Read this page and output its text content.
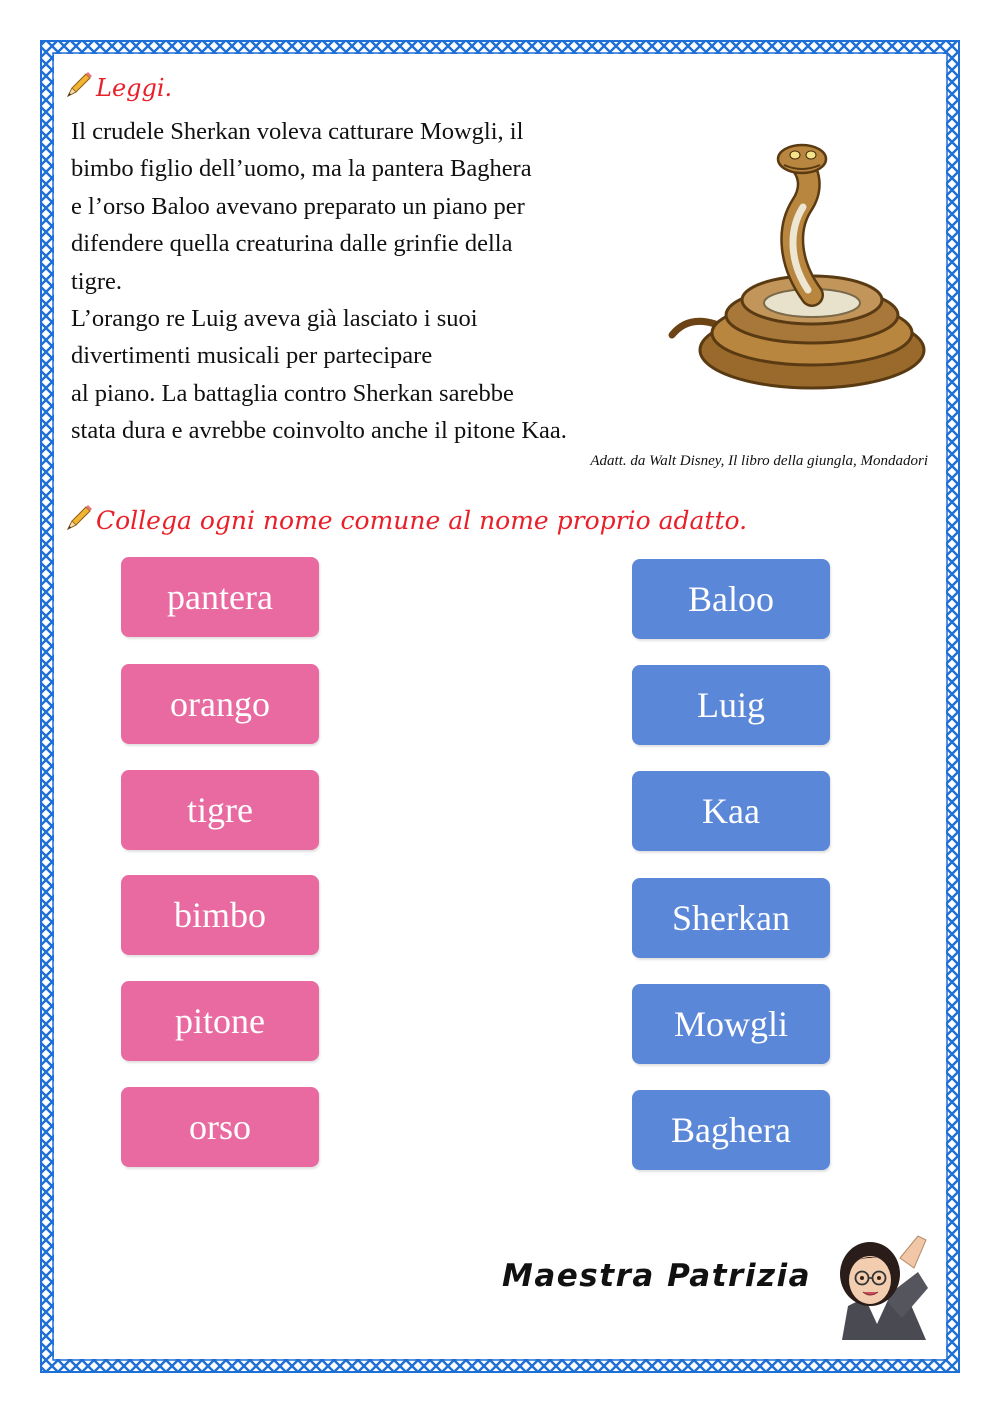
Leggi.

Il crudele Sherkan voleva catturare Mowgli, il

bimbo figlio dell’uomo, ma la pantera Baghera

e l’orso Baloo avevano preparato un piano per

difendere quella creaturina dalle grinfie della

tigre.

L’orango re Luig aveva già lasciato i suoi

divertimenti musicali per partecipare

al piano. La battaglia contro Sherkan sarebbe

stata dura e avrebbe coinvolto anche il pitone Kaa.

Adatt. da Walt Disney, Il libro della giungla, Mondadori
Collega ogni nome comune al nome proprio adatto.
pantera
orango
tigre
bimbo
pitone
orso
Baloo
Luig
Kaa
Sherkan
Mowgli
Baghera
Maestra Patrizia
